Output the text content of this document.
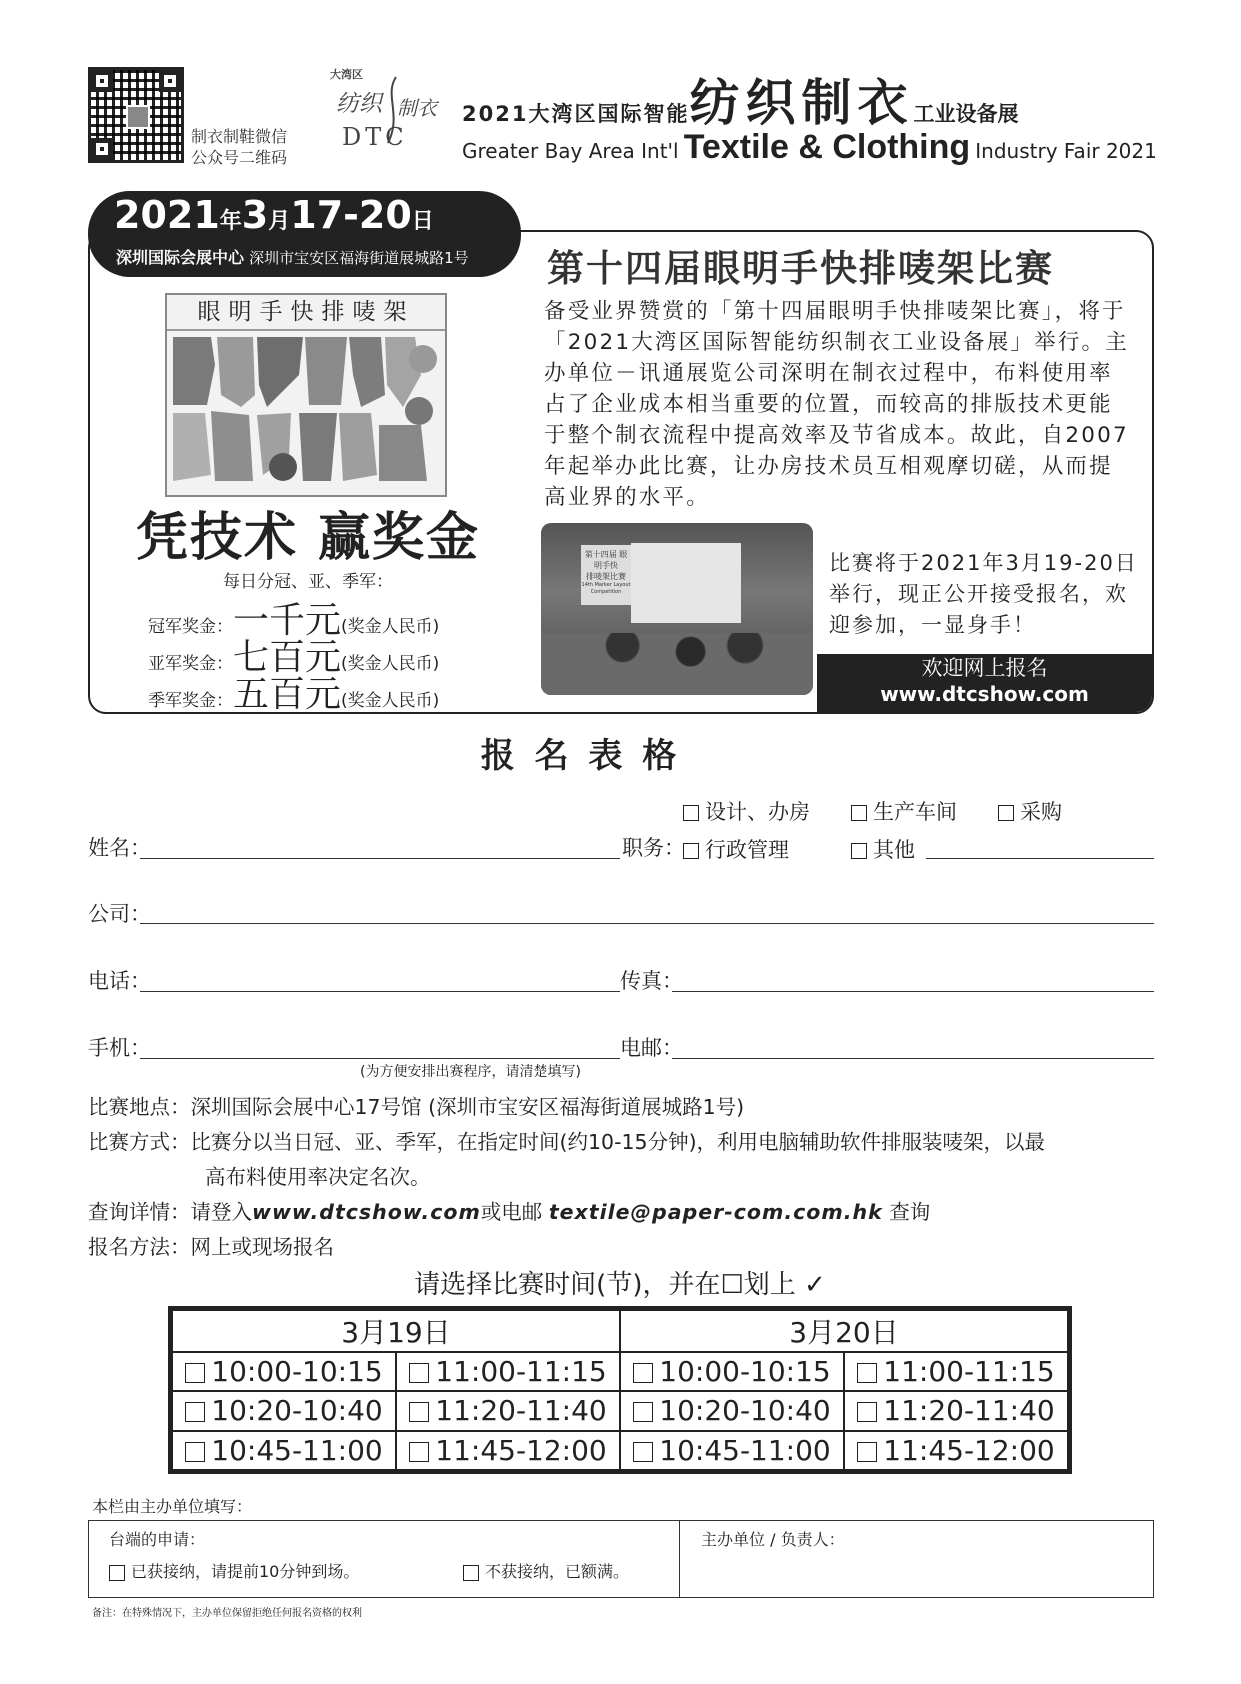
制衣制鞋微信
公众号二维码
大湾区
纺织 制衣
DTC
2021大湾区国际智能纺织制衣工业设备展
Greater Bay Area Int'l Textile & Clothing Industry Fair 2021
2021年3月17-20日
深圳国际会展中心 深圳市宝安区福海街道展城路1号
眼明手快排唛架
凭技术 赢奖金
每日分冠、亚、季军：
冠军奖金：一千元(奖金人民币)
亚军奖金：七百元(奖金人民币)
季军奖金：五百元(奖金人民币)
第十四届眼明手快排唛架比赛
备受业界赞赏的「第十四届眼明手快排唛架比赛」，将于「2021大湾区国际智能纺织制衣工业设备展」举行。主办单位－讯通展览公司深明在制衣过程中，布料使用率占了企业成本相当重要的位置，而较高的排版技术更能于整个制衣流程中提高效率及节省成本。故此，自2007年起举办此比赛，让办房技术员互相观摩切磋，从而提高业界的水平。
第十四届 眼明手快
排唛架比赛
14th Marker Layout Competition
比赛将于2021年3月19-20日举行，现正公开接受报名，欢迎参加，一显身手！
欢迎网上报名
www.dtcshow.com
报 名 表 格
设计、办房	生产车间	采购
姓名：	职务： 行政管理	其他
公司：
电话：	传真：
手机：	电邮：
(为方便安排出赛程序，请清楚填写)
比赛地点：深圳国际会展中心17号馆 (深圳市宝安区福海街道展城路1号)
比赛方式：比赛分以当日冠、亚、季军，在指定时间(约10-15分钟)，利用电脑辅助软件排服装唛架，以最
高布料使用率决定名次。
查询详情：请登入www.dtcshow.com或电邮 textile@paper-com.com.hk 查询
报名方法：网上或现场报名
请选择比赛时间(节)，并在☐划上 ✓
3月19日		3月20日	
10:00-10:15	11:00-11:15	10:00-10:15	11:00-11:15
10:20-10:40	11:20-11:40	10:20-10:40	11:20-11:40
10:45-11:00	11:45-12:00	10:45-11:00	11:45-12:00
本栏由主办单位填写：
台端的申请：
已获接纳，请提前10分钟到场。	不获接纳，已额满。
主办单位 / 负责人：
备注：在特殊情况下，主办单位保留拒绝任何报名资格的权利
